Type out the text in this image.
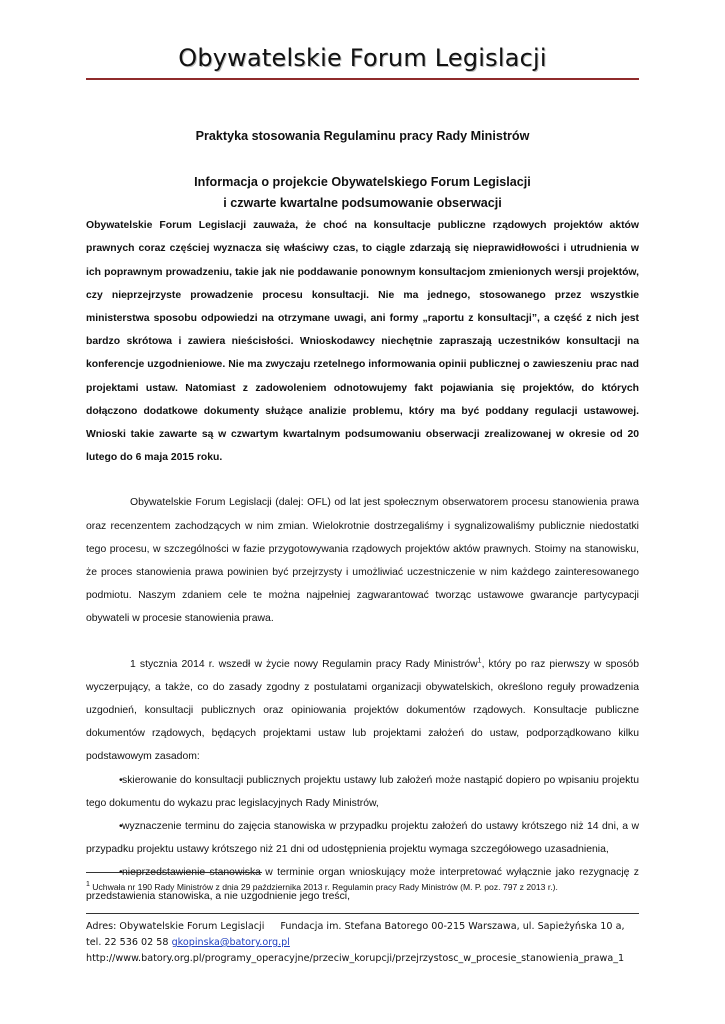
Obywatelskie Forum Legislacji
Praktyka stosowania Regulaminu pracy Rady Ministrów
Informacja o projekcie Obywatelskiego Forum Legislacji
i czwarte kwartalne podsumowanie obserwacji

Obywatelskie Forum Legislacji zauważa, że choć na konsultacje publiczne rządowych projektów aktów prawnych coraz częściej wyznacza się właściwy czas, to ciągle zdarzają się nieprawidłowości i utrudnienia w ich poprawnym prowadzeniu, takie jak nie poddawanie ponownym konsultacjom zmienionych wersji projektów, czy nieprzejrzyste prowadzenie procesu konsultacji. Nie ma jednego, stosowanego przez wszystkie ministerstwa sposobu odpowiedzi na otrzymane uwagi, ani formy „raportu z konsultacji”, a część z nich jest bardzo skrótowa i zawiera nieścisłości. Wnioskodawcy niechętnie zapraszają uczestników konsultacji na konferencje uzgodnieniowe. Nie ma zwyczaju rzetelnego informowania opinii publicznej o zawieszeniu prac nad projektami ustaw. Natomiast z zadowoleniem odnotowujemy fakt pojawiania się projektów, do których dołączono dodatkowe dokumenty służące analizie problemu, który ma być poddany regulacji ustawowej. Wnioski takie zawarte są w czwartym kwartalnym podsumowaniu obserwacji zrealizowanej w okresie od 20 lutego do 6 maja 2015 roku.

Obywatelskie Forum Legislacji (dalej: OFL) od lat jest społecznym obserwatorem procesu stanowienia prawa oraz recenzentem zachodzących w nim zmian. Wielokrotnie dostrzegaliśmy i sygnalizowaliśmy publicznie niedostatki tego procesu, w szczególności w fazie przygotowywania rządowych projektów aktów prawnych. Stoimy na stanowisku, że proces stanowienia prawa powinien być przejrzysty i umożliwiać uczestniczenie w nim każdego zainteresowanego podmiotu. Naszym zdaniem cele te można najpełniej zagwarantować tworząc ustawowe gwarancje partycypacji obywateli w procesie stanowienia prawa.

1 stycznia 2014 r. wszedł w życie nowy Regulamin pracy Rady Ministrów$^1$, który po raz pierwszy w sposób wyczerpujący, a także, co do zasady zgodny z postulatami organizacji obywatelskich, określono reguły prowadzenia uzgodnień, konsultacji publicznych oraz opiniowania projektów dokumentów rządowych. Konsultacje publiczne dokumentów rządowych, będących projektami ustaw lub projektami założeń do ustaw, podporządkowano kilku podstawowym zasadom:

• skierowanie do konsultacji publicznych projektu ustawy lub założeń może nastąpić dopiero po wpisaniu projektu tego dokumentu do wykazu prac legislacyjnych Rady Ministrów,
• wyznaczenie terminu do zajęcia stanowiska w przypadku projektu założeń do ustawy krótszego niż 14 dni, a w przypadku projektu ustawy krótszego niż 21 dni od udostępnienia projektu wymaga szczegółowego uzasadnienia,
• nieprzedstawienie stanowiska w terminie organ wnioskujący może interpretować wyłącznie jako rezygnację z przedstawienia stanowiska, a nie uzgodnienie jego treści,
$^1$ Uchwała nr 190 Rady Ministrów z dnia 29 października 2013 r. Regulamin pracy Rady Ministrów (M. P. poz. 797 z 2013 r.).
Adres: Obywatelskie Forum Legislacji Fundacja im. Stefana Batorego 00-215 Warszawa, ul. Sapieżyńska 10 a,
tel. 22 536 02 58 gkopinska@batory.org.pl
http://www.batory.org.pl/programy_operacyjne/przeciw_korupcji/przejrzystosc_w_procesie_stanowienia_prawa_1
